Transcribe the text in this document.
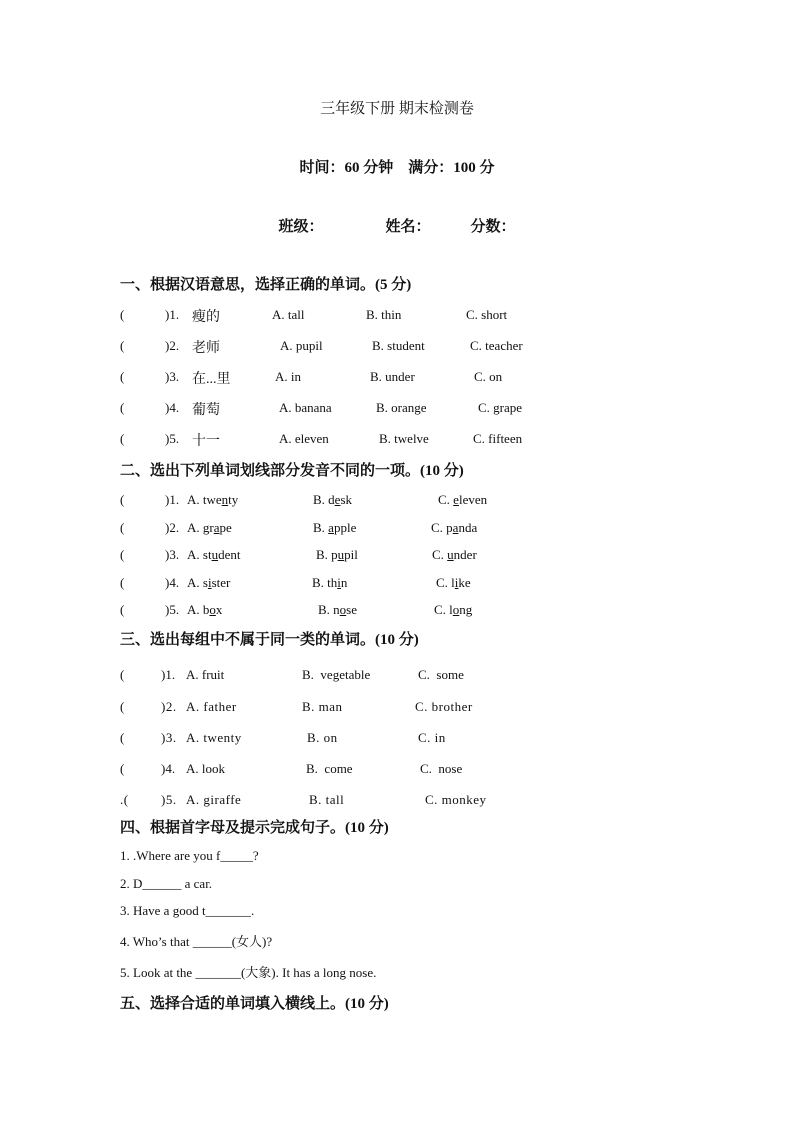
三年级下册 期末检测卷
时间：60 分钟    满分：100 分
班级：	姓名：	分数：
一、根据汉语意思，选择正确的单词。(5 分)
(	)1. 瘦的	A. tall	B. thin	C. short
(	)2. 老师	A. pupil	B. student	C. teacher
(	)3. 在...里	A. in	B. under	C. on
(	)4. 葡萄	A. banana	B. orange	C. grape
(	)5. 十一	A. eleven	B. twelve	C. fifteen
二、选出下列单词划线部分发音不同的一项。(10 分)
(	)1. A. twenty	B. desk	C. eleven
(	)2. A. grape	B. apple	C. panda
(	)3. A. student	B. pupil	C. under
(	)4. A. sister	B. thin	C. like
(	)5. A. box	B. nose	C. long
三、选出每组中不属于同一类的单词。(10 分)
(	)1. A. fruit	B.  vegetable	C.  some
(	)2. A. father	B. man	C. brother
(	)3. A. twenty	B. on	C. in
(	)4. A. look	B.  come	C.  nose
.( )5. A. giraffe	B. tall	C. monkey
四、根据首字母及提示完成句子。(10 分)
1. .Where are you f_____?
2. D______ a car.
3. Have a good t_______.
4. Who’s that ______(女人)?
5. Look at the _______(大象). It has a long nose.
五、选择合适的单词填入横线上。(10 分)
